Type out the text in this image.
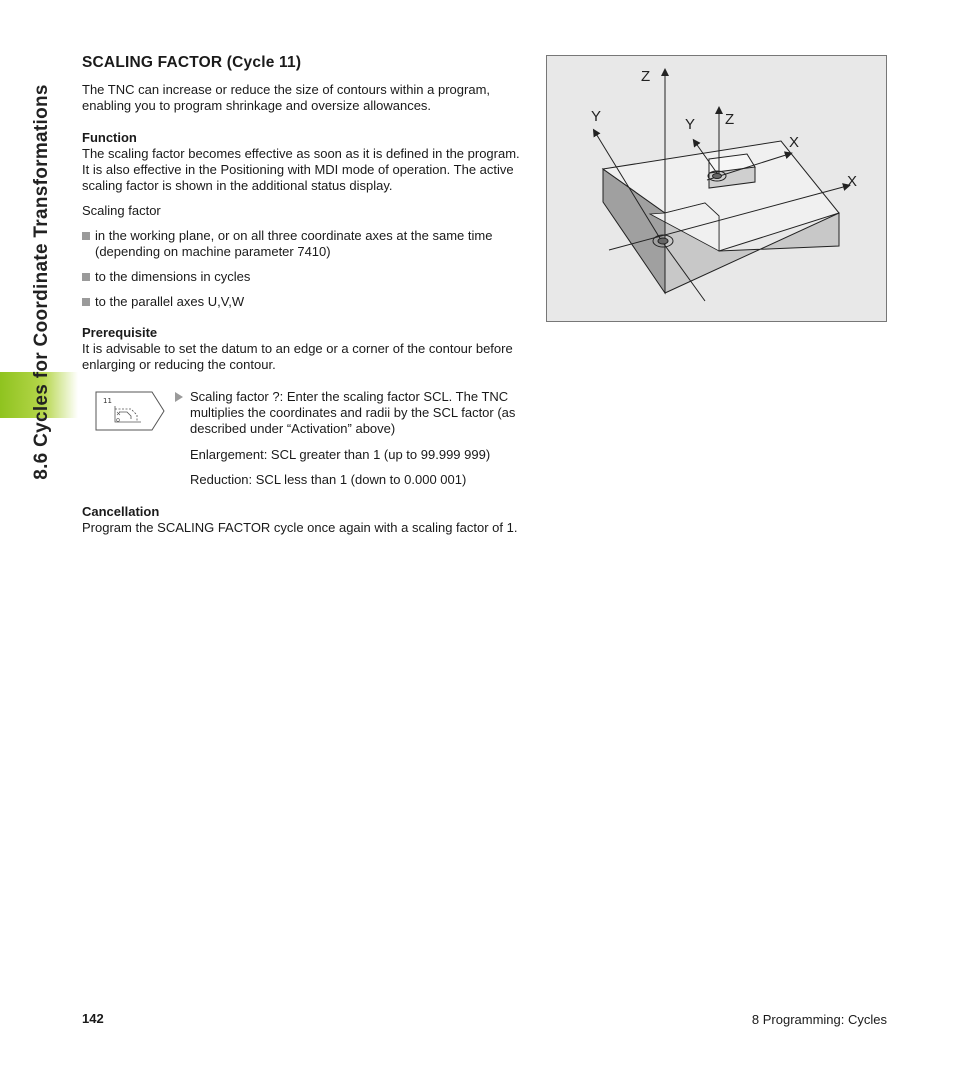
8.6 Cycles for Coordinate Transformations
SCALING FACTOR (Cycle 11)

The TNC can increase or reduce the size of contours within a program, enabling you to program shrinkage and oversize allowances.

Function

The scaling factor becomes effective as soon as it is defined in the program. It is also effective in the Positioning with MDI mode of operation. The active scaling factor is shown in the additional status display.

Scaling factor

in the working plane, or on all three coordinate axes at the same time (depending on machine parameter 7410)
to the dimensions in cycles
to the parallel axes U,V,W
Prerequisite

It is advisable to set the datum to an edge or a corner of the contour before enlarging or reducing the contour.

11	Scaling factor ?: Enter the scaling factor SCL. The TNC multiplies the coordinates and radii by the SCL factor (as described under “Activation” above)

Enlargement: SCL greater than 1 (up to 99.999 999)

Reduction: SCL less than 1 (down to 0.000 001)

Cancellation

Program the SCALING FACTOR cycle once again with a scaling factor of 1.

Z
Y
X
Z
Y
X
142	8 Programming: Cycles
